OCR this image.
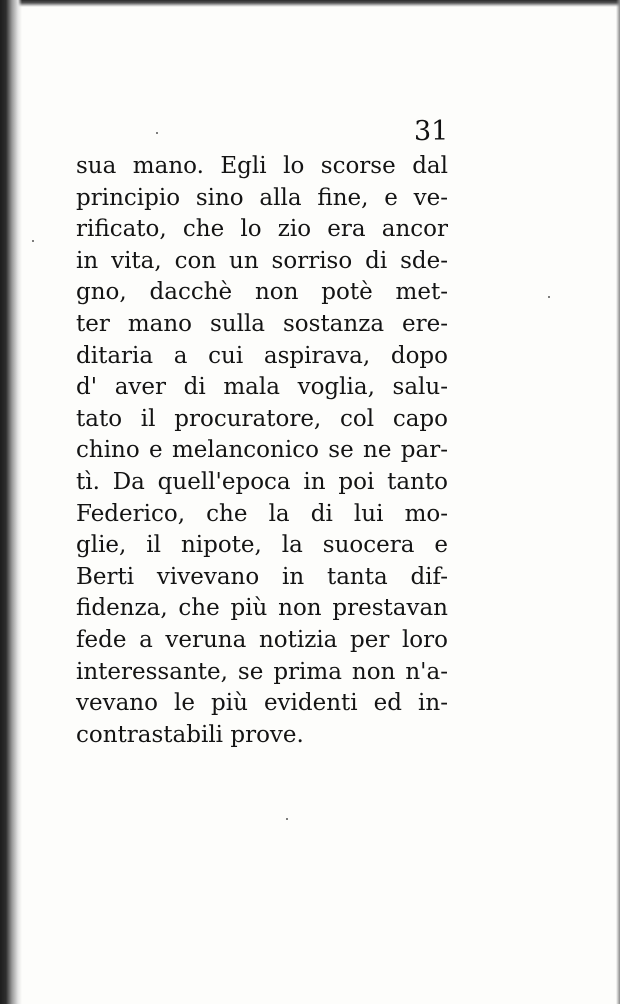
31

sua mano. Egli lo scorse dal
principio sino alla fine, e ve-
rificato, che lo zio era ancor
in vita, con un sorriso di sde-
gno, dacchè non potè met-
ter mano sulla sostanza ere-
ditaria a cui aspirava, dopo
d' aver di mala voglia, salu-
tato il procuratore, col capo
chino e melanconico se ne par-
tì. Da quell'epoca in poi tanto
Federico, che la di lui mo-
glie, il nipote, la suocera e
Berti vivevano in tanta dif-
fidenza, che più non prestavan
fede a veruna notizia per loro
interessante, se prima non n'a-
vevano le più evidenti ed in-
contrastabili prove.
